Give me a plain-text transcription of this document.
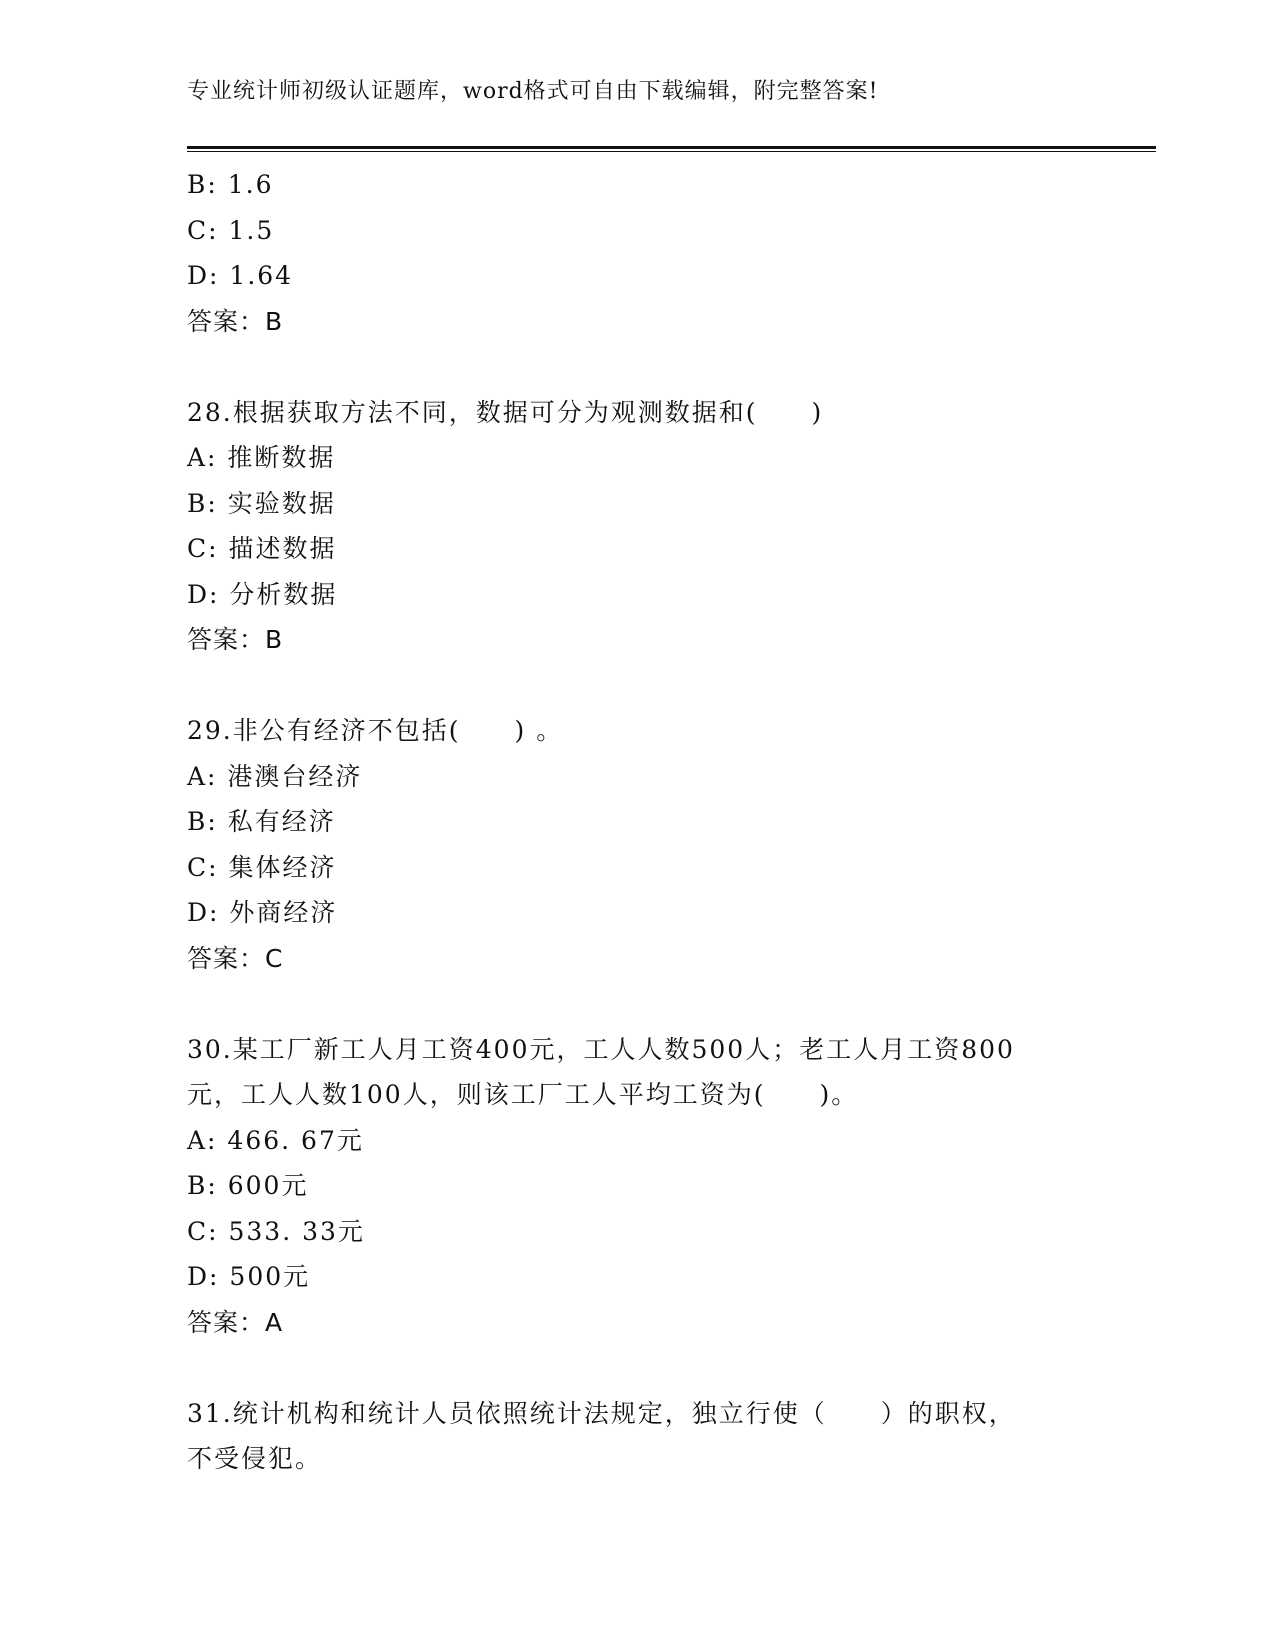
专业统计师初级认证题库，word格式可自由下载编辑，附完整答案!
B: 1.6
C: 1.5
D: 1.64
答案：B
28.根据获取方法不同，数据可分为观测数据和(　　)
A: 推断数据
B: 实验数据
C: 描述数据
D: 分析数据
答案：B
29.非公有经济不包括(　　) 。
A: 港澳台经济
B: 私有经济
C: 集体经济
D: 外商经济
答案：C
30.某工厂新工人月工资400元，工人人数500人；老工人月工资800
元，工人人数100人，则该工厂工人平均工资为(　　)。
A: 466. 67元
B: 600元
C: 533. 33元
D: 500元
答案：A
31.统计机构和统计人员依照统计法规定，独立行使（　　）的职权，
不受侵犯。
